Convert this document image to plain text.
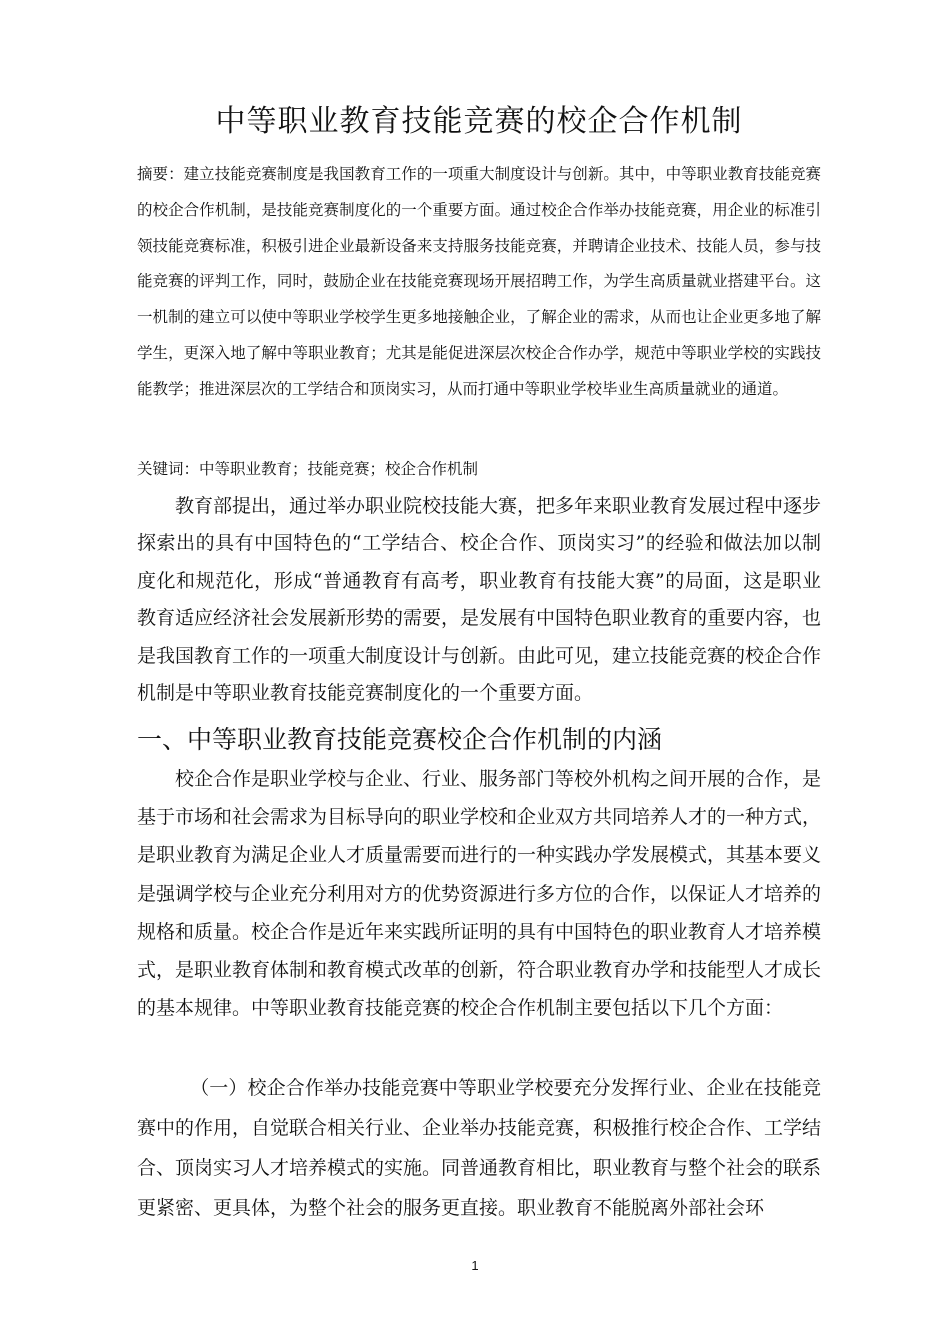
中等职业教育技能竞赛的校企合作机制
摘要：建立技能竞赛制度是我国教育工作的一项重大制度设计与创新。其中，中等职业教育技能竞赛的校企合作机制，是技能竞赛制度化的一个重要方面。通过校企合作举办技能竞赛，用企业的标准引领技能竞赛标准，积极引进企业最新设备来支持服务技能竞赛，并聘请企业技术、技能人员，参与技能竞赛的评判工作，同时，鼓励企业在技能竞赛现场开展招聘工作，为学生高质量就业搭建平台。这一机制的建立可以使中等职业学校学生更多地接触企业，了解企业的需求，从而也让企业更多地了解学生，更深入地了解中等职业教育；尤其是能促进深层次校企合作办学，规范中等职业学校的实践技能教学；推进深层次的工学结合和顶岗实习，从而打通中等职业学校毕业生高质量就业的通道。
关键词：中等职业教育；技能竞赛；校企合作机制
教育部提出，通过举办职业院校技能大赛，把多年来职业教育发展过程中逐步探索出的具有中国特色的“工学结合、校企合作、顶岗实习”的经验和做法加以制度化和规范化，形成“普通教育有高考，职业教育有技能大赛”的局面，这是职业教育适应经济社会发展新形势的需要，是发展有中国特色职业教育的重要内容，也是我国教育工作的一项重大制度设计与创新。由此可见，建立技能竞赛的校企合作机制是中等职业教育技能竞赛制度化的一个重要方面。
一、中等职业教育技能竞赛校企合作机制的内涵
校企合作是职业学校与企业、行业、服务部门等校外机构之间开展的合作，是基于市场和社会需求为目标导向的职业学校和企业双方共同培养人才的一种方式，是职业教育为满足企业人才质量需要而进行的一种实践办学发展模式，其基本要义是强调学校与企业充分利用对方的优势资源进行多方位的合作，以保证人才培养的规格和质量。校企合作是近年来实践所证明的具有中国特色的职业教育人才培养模式，是职业教育体制和教育模式改革的创新，符合职业教育办学和技能型人才成长的基本规律。中等职业教育技能竞赛的校企合作机制主要包括以下几个方面：
（一）校企合作举办技能竞赛中等职业学校要充分发挥行业、企业在技能竞赛中的作用，自觉联合相关行业、企业举办技能竞赛，积极推行校企合作、工学结合、顶岗实习人才培养模式的实施。同普通教育相比，职业教育与整个社会的联系更紧密、更具体，为整个社会的服务更直接。职业教育不能脱离外部社会环
1
